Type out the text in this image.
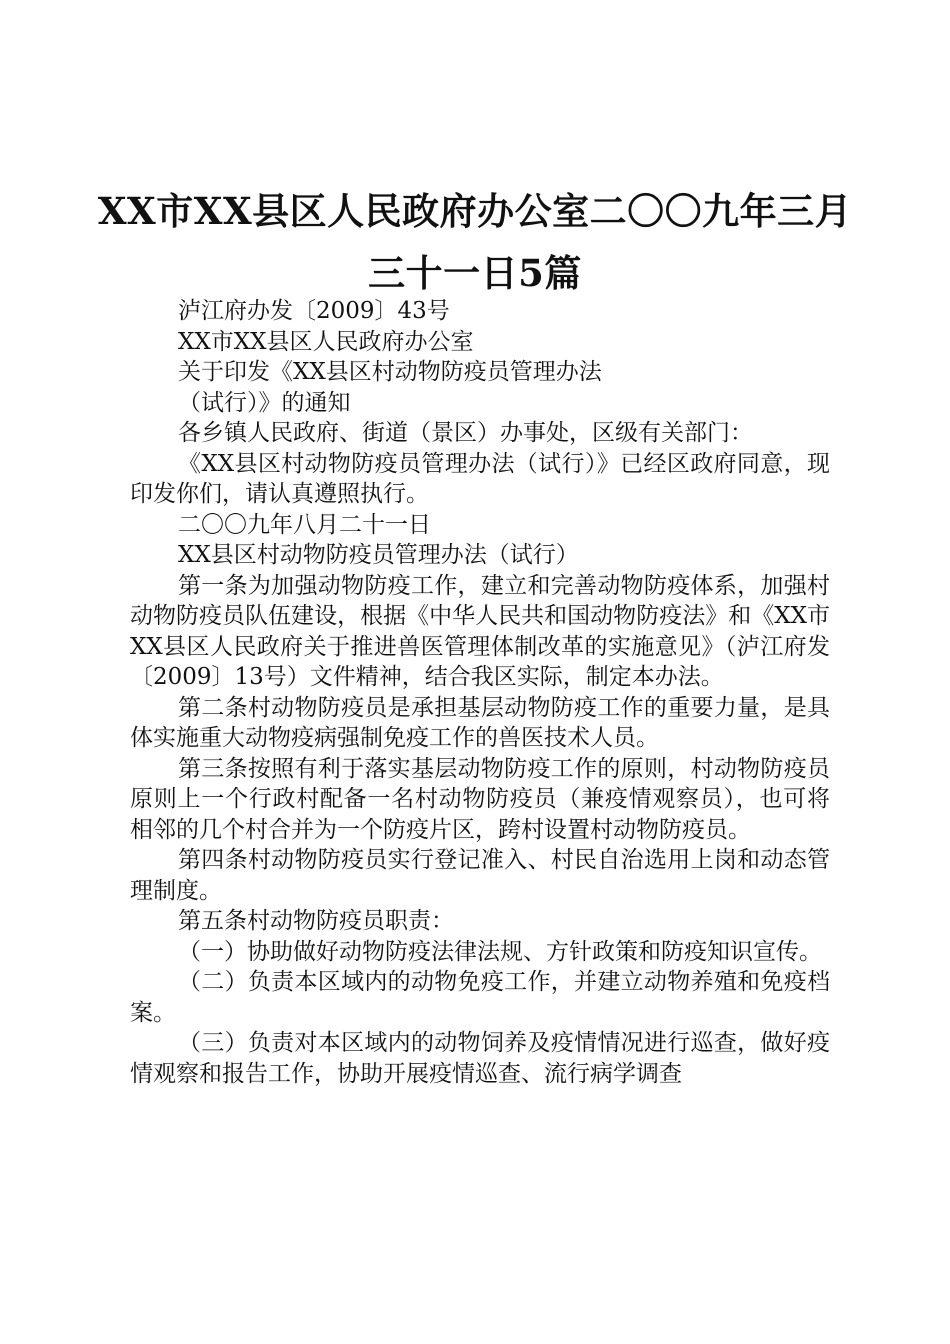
XX市XX县区人民政府办公室二〇〇九年三月
三十一日5篇

泸江府办发〔2009〕43号

XX市XX县区人民政府办公室

关于印发《XX县区村动物防疫员管理办法

（试行）》的通知

各乡镇人民政府、街道（景区）办事处，区级有关部门：

《XX县区村动物防疫员管理办法（试行）》已经区政府同意，现印发你们，请认真遵照执行。

二〇〇九年八月二十一日

XX县区村动物防疫员管理办法（试行）

第一条为加强动物防疫工作，建立和完善动物防疫体系，加强村动物防疫员队伍建设，根据《中华人民共和国动物防疫法》和《XX市XX县区人民政府关于推进兽医管理体制改革的实施意见》（泸江府发〔2009〕13号）文件精神，结合我区实际，制定本办法。

第二条村动物防疫员是承担基层动物防疫工作的重要力量，是具体实施重大动物疫病强制免疫工作的兽医技术人员。

第三条按照有利于落实基层动物防疫工作的原则，村动物防疫员原则上一个行政村配备一名村动物防疫员（兼疫情观察员），也可将相邻的几个村合并为一个防疫片区，跨村设置村动物防疫员。

第四条村动物防疫员实行登记准入、村民自治选用上岗和动态管理制度。

第五条村动物防疫员职责：

（一）协助做好动物防疫法律法规、方针政策和防疫知识宣传。

（二）负责本区域内的动物免疫工作，并建立动物养殖和免疫档案。

（三）负责对本区域内的动物饲养及疫情情况进行巡查，做好疫情观察和报告工作，协助开展疫情巡查、流行病学调查
